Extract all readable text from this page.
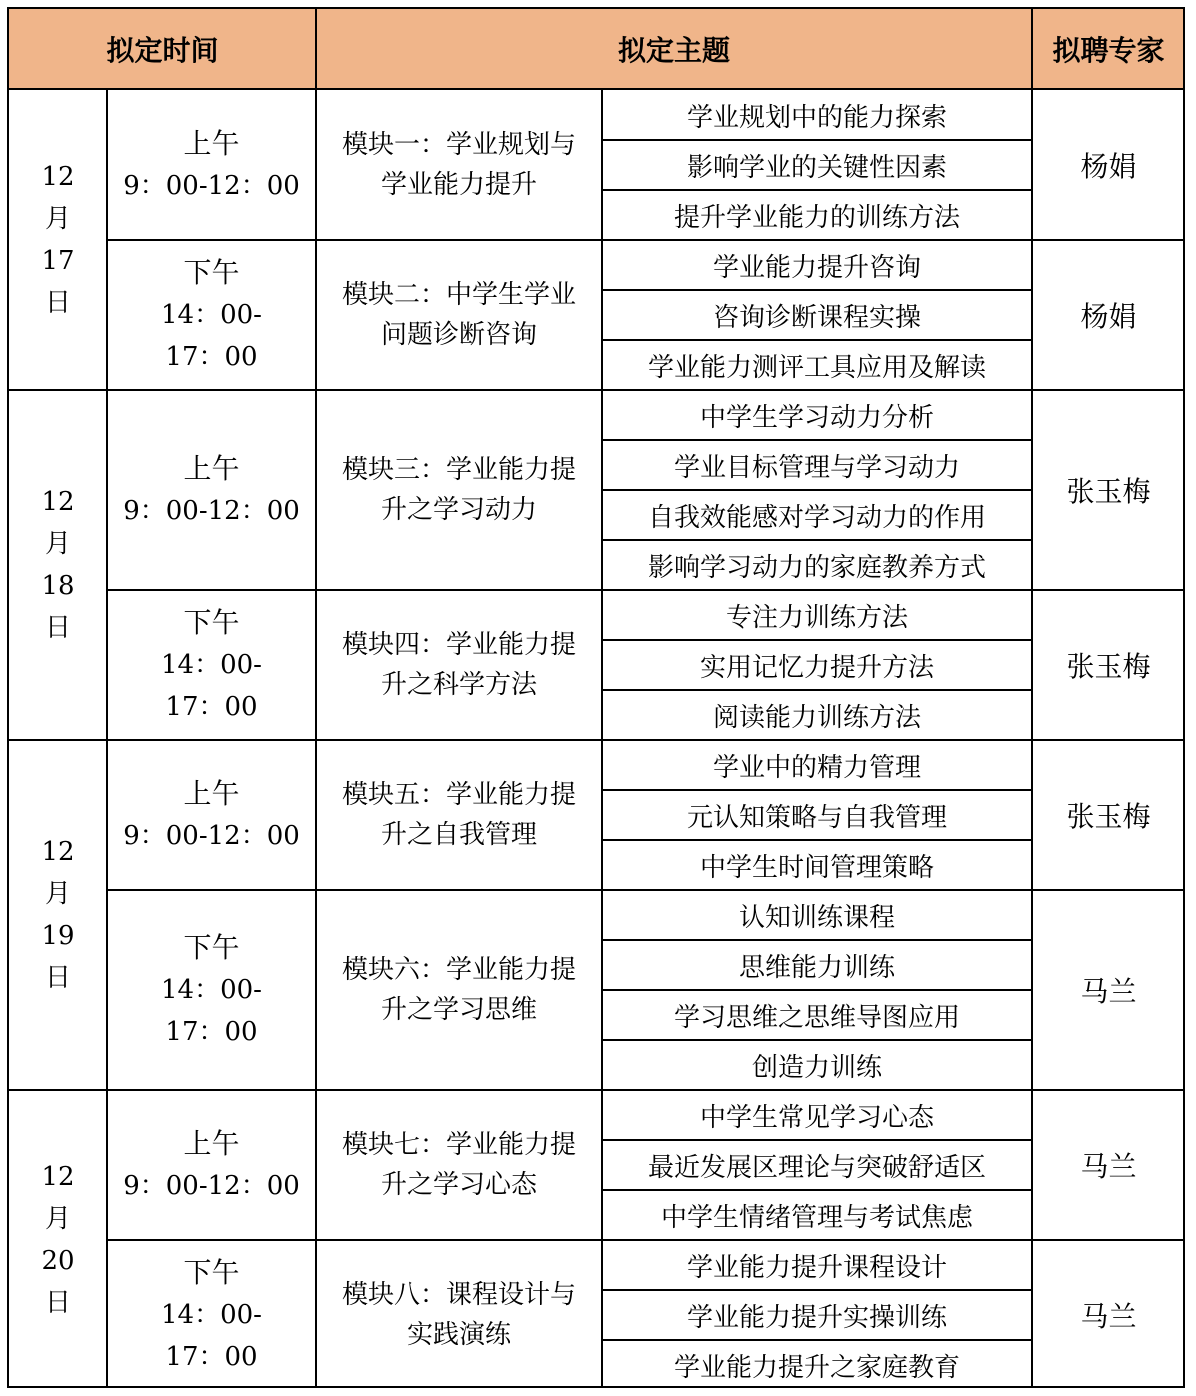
拟定时间	拟定主题	拟聘专家
12
月
17
日
上午
9：00-12：00
模块一：学业规划与学业能力提升
学业规划中的能力探索
影响学业的关键性因素
提升学业能力的训练方法
杨娟
下午
14：00-
17：00
模块二：中学生学业问题诊断咨询
学业能力提升咨询
咨询诊断课程实操
学业能力测评工具应用及解读
杨娟
12
月
18
日
上午
9：00-12：00
模块三：学业能力提升之学习动力
中学生学习动力分析
学业目标管理与学习动力
自我效能感对学习动力的作用
影响学习动力的家庭教养方式
张玉梅
下午
14：00-
17：00
模块四：学业能力提升之科学方法
专注力训练方法
实用记忆力提升方法
阅读能力训练方法
张玉梅
12
月
19
日
上午
9：00-12：00
模块五：学业能力提升之自我管理
学业中的精力管理
元认知策略与自我管理
中学生时间管理策略
张玉梅
下午
14：00-
17：00
模块六：学业能力提升之学习思维
认知训练课程
思维能力训练
学习思维之思维导图应用
创造力训练
马兰
12
月
20
日
上午
9：00-12：00
模块七：学业能力提升之学习心态
中学生常见学习心态
最近发展区理论与突破舒适区
中学生情绪管理与考试焦虑
马兰
下午
14：00-
17：00
模块八：课程设计与实践演练
学业能力提升课程设计
学业能力提升实操训练
学业能力提升之家庭教育
马兰
